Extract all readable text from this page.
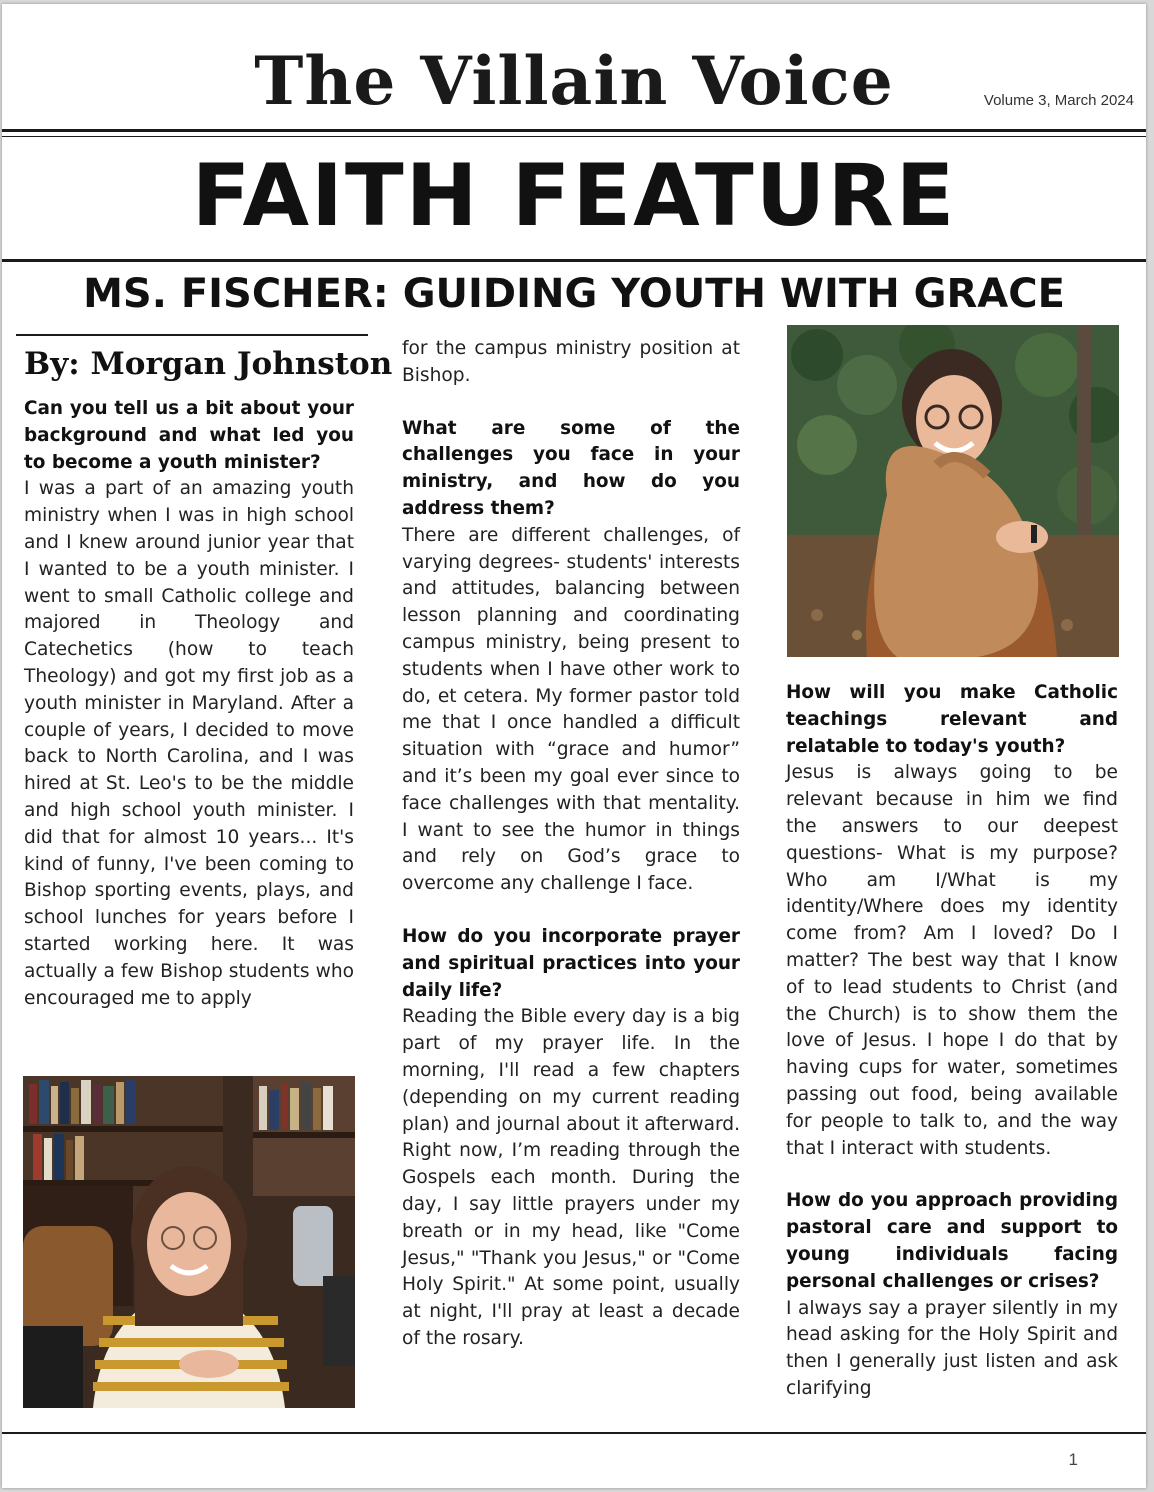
The Villain Voice	Volume 3, March 2024
FAITH FEATURE
MS. FISCHER: GUIDING YOUTH WITH GRACE
By: Morgan Johnston

Can you tell us a bit about your background and what led you to become a youth minister?

I was a part of an amazing youth ministry when I was in high school and I knew around junior year that I wanted to be a youth minister. I went to small Catholic college and majored in Theology and Catechetics (how to teach Theology) and got my first job as a youth minister in Maryland. After a couple of years, I decided to move back to North Carolina, and I was hired at St. Leo's to be the middle and high school youth minister. I did that for almost 10 years... It's kind of funny, I've been coming to Bishop sporting events, plays, and school lunches for years before I started working here. It was actually a few Bishop students who encouraged me to apply

for the campus ministry position at Bishop.

What are some of the challenges you face in your ministry, and how do you address them?

There are different challenges, of varying degrees- students' interests and attitudes, balancing between lesson planning and coordinating campus ministry, being present to students when I have other work to do, et cetera. My former pastor told me that I once handled a difficult situation with “grace and humor” and it’s been my goal ever since to face challenges with that mentality. I want to see the humor in things and rely on God’s grace to overcome any challenge I face.

How do you incorporate prayer and spiritual practices into your daily life?

Reading the Bible every day is a big part of my prayer life. In the morning, I'll read a few chapters (depending on my current reading plan) and journal about it afterward. Right now, I’m reading through the Gospels each month. During the day, I say little prayers under my breath or in my head, like "Come Jesus," "Thank you Jesus," or "Come Holy Spirit." At some point, usually at night, I'll pray at least a decade of the rosary.

How will you make Catholic teachings relevant and relatable to today's youth?

Jesus is always going to be relevant because in him we find the answers to our deepest questions- What is my purpose? Who am I/What is my identity/Where does my identity come from? Am I loved? Do I matter? The best way that I know of to lead students to Christ (and the Church) is to show them the love of Jesus. I hope I do that by having cups for water, sometimes passing out food, being available for people to talk to, and the way that I interact with students.

How do you approach providing pastoral care and support to young individuals facing personal challenges or crises?

I always say a prayer silently in my head asking for the Holy Spirit and then I generally just listen and ask clarifying

1
